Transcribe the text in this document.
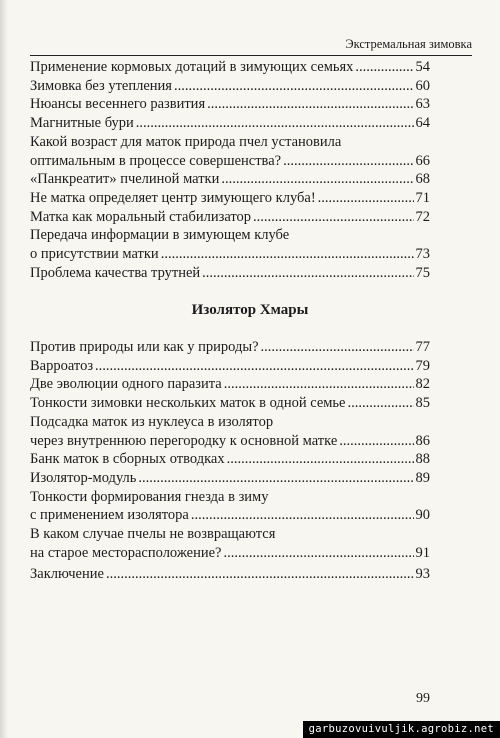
Экстремальная зимовка
Применение кормовых дотаций в зимующих семьях .....	54
Зимовка без утепления .....	60
Нюансы весеннего развития .....	63
Магнитные бури .....	64
Какой возраст для маток природа пчел установила
оптимальным в процессе совершенства? .....	66
«Панкреатит» пчелиной матки .....	68
Не матка определяет центр зимующего клуба! .....	71
Матка как моральный стабилизатор .....	72
Передача информации в зимующем клубе
о присутствии матки .....	73
Проблема качества трутней .....	75
Изолятор Хмары
Против природы или как у природы? .....	77
Варроатоз .....	79
Две эволюции одного паразита .....	82
Тонкости зимовки нескольких маток в одной семье .....	85
Подсадка маток из нуклеуса в изолятор
через внутреннюю перегородку к основной матке .....	86
Банк маток в сборных отводках .....	88
Изолятор-модуль .....	89
Тонкости формирования гнезда в зиму
с применением изолятора .....	90
В каком случае пчелы не возвращаются
на старое месторасположение? .....	91
Заключение .....	93
99
garbuzovuivuljik.agrobiz.net
